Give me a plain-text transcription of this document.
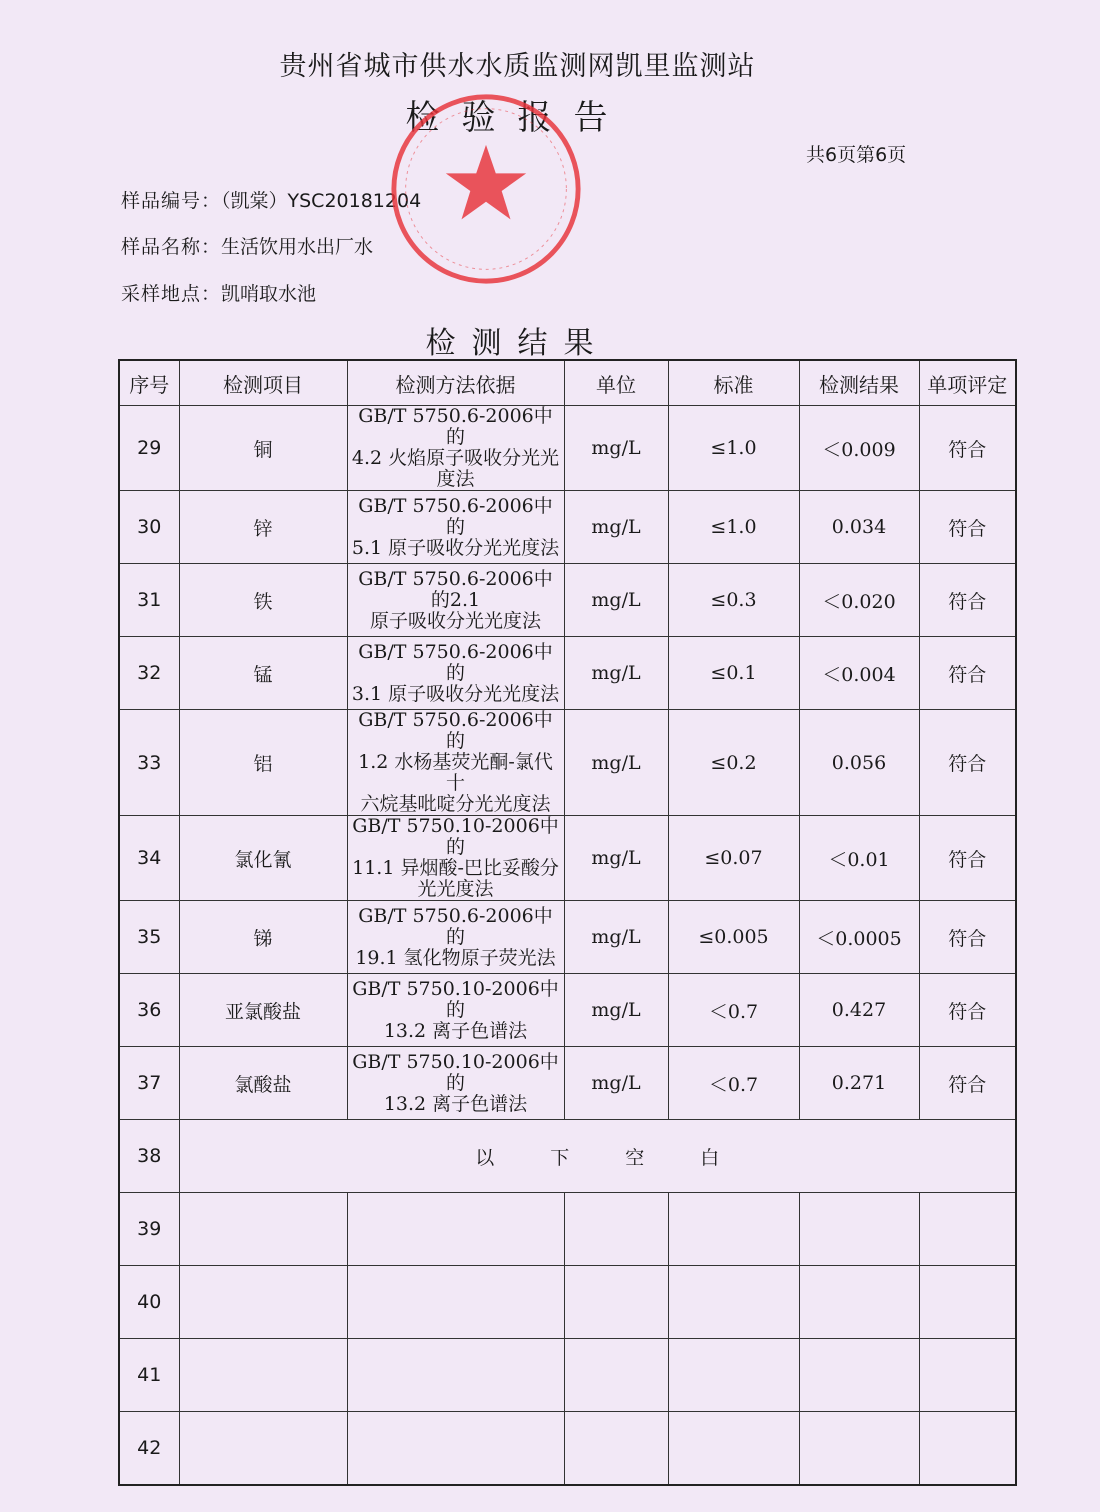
贵州省城市供水水质监测网凯里监测站
检验报告
共6页第6页
样品编号：（凯棠）YSC20181204
样品名称：生活饮用水出厂水
采样地点：凯哨取水池
检测结果
序号	检测项目	检测方法依据	单位	标准	检测结果	单项评定
29	铜	GB/T 5750.6-2006中的
4.2 火焰原子吸收分光光
度法	mg/L	≤1.0	＜0.009	符合
30	锌	GB/T 5750.6-2006中的
5.1 原子吸收分光光度法	mg/L	≤1.0	0.034	符合
31	铁	GB/T 5750.6-2006中的2.1
原子吸收分光光度法	mg/L	≤0.3	＜0.020	符合
32	锰	GB/T 5750.6-2006中的
3.1 原子吸收分光光度法	mg/L	≤0.1	＜0.004	符合
33	铝	GB/T 5750.6-2006中的
1.2 水杨基荧光酮-氯代十
六烷基吡啶分光光度法	mg/L	≤0.2	0.056	符合
34	氯化氰	GB/T 5750.10-2006中的
11.1 异烟酸-巴比妥酸分
光光度法	mg/L	≤0.07	＜0.01	符合
35	锑	GB/T 5750.6-2006中的
19.1 氢化物原子荧光法	mg/L	≤0.005	＜0.0005	符合
36	亚氯酸盐	GB/T 5750.10-2006中的
13.2 离子色谱法	mg/L	＜0.7	0.427	符合
37	氯酸盐	GB/T 5750.10-2006中的
13.2 离子色谱法	mg/L	＜0.7	0.271	符合
38	以 下 空 白					
39						
40						
41						
42						
